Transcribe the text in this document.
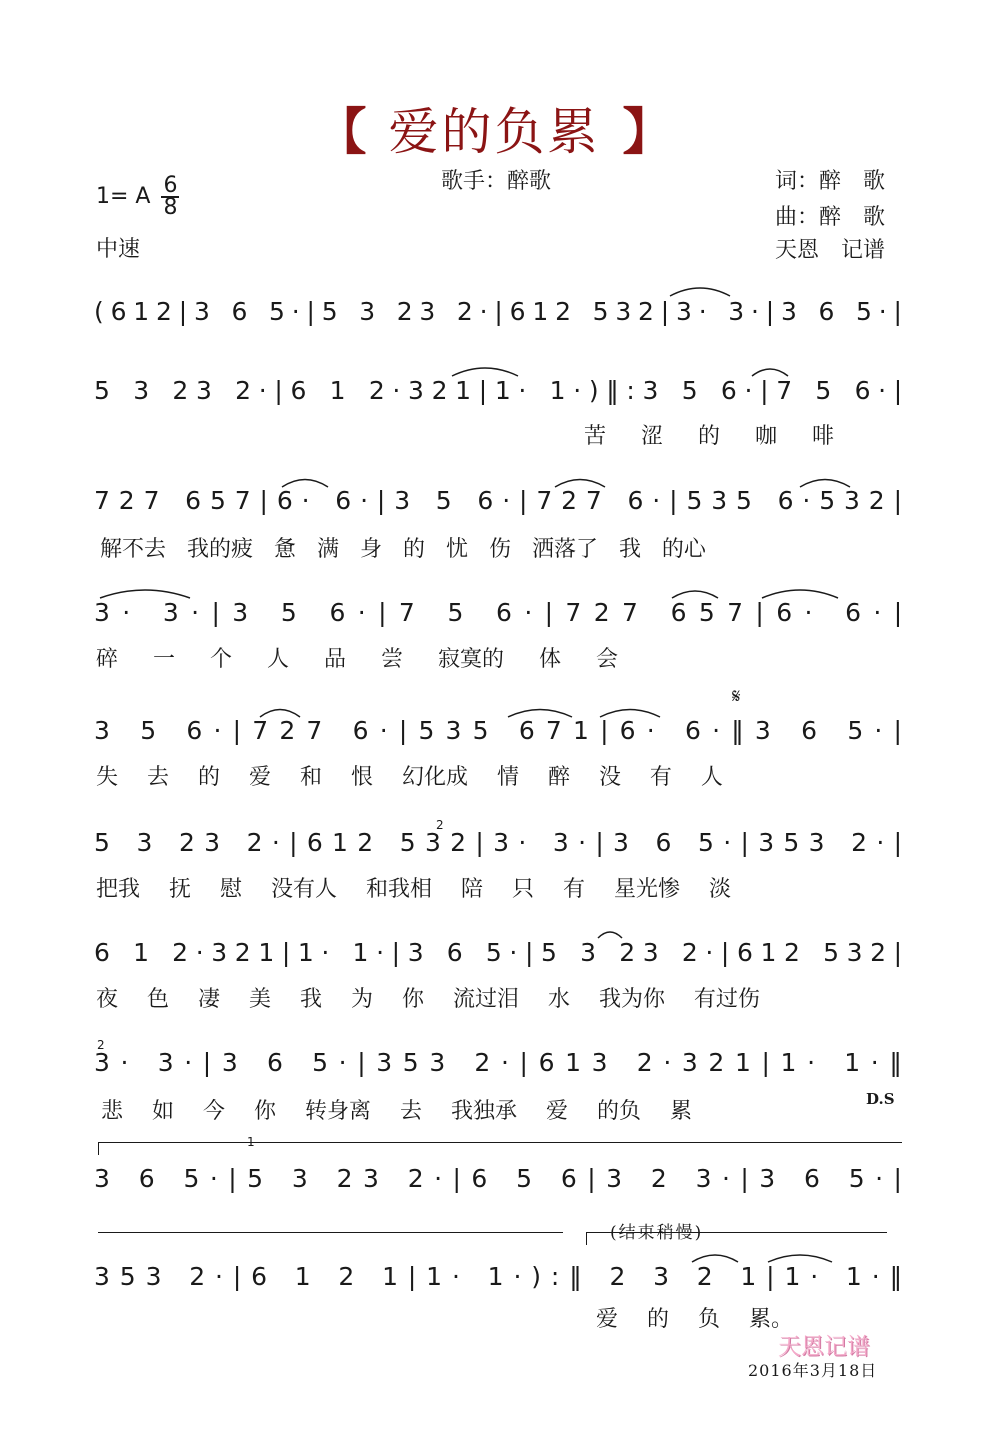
【 爱的负累 】
歌手：醉歌	词：醉　歌
曲：醉　歌
天恩　记谱
1= A $\frac{6}{8}$
中速
(612|3 6 5·|5 3 23 2·|612 532|3· 3·|3 6 5·|
5 3 23 2·|6 1 2·321|1· 1·)‖:3 5 6·|7 5 6·|
苦 涩 的 咖 啡
727 657|6· 6·|3 5 6·|727 6·|535 6·532|
解不去 我的疲 惫 满 身 的 忧 伤 洒落了 我 的心
3· 3·|3 5 6·|7 5 6·|727 657|6· 6·|
碎 一 个 人 品 尝 寂寞的 体 会
𝄋
3 5 6·|727 6·|535 671|6· 6·‖3 6 5·|
失 去 的 爱 和 恨 幻化成 情 醉 没 有 人
2
5 3 23 2·|612 532|3· 3·|3 6 5·|353 2·|
把我 抚 慰 没有人 和我相 陪 只 有 星光惨 淡
6 1 2·321|1· 1·|3 6 5·|5 3 23 2·|612 532|
夜 色 凄 美 我 为 你 流过泪 水 我为你 有过伤
2
3· 3·|3 6 5·|353 2·|613 2·321|1· 1·‖
悲 如 今 你 转身离 去 我独承 爱 的负 累	D.S
1
3 6 5·|5 3 23 2·|6 5 6|3 2 3·|3 6 5·|
(结束稍慢)
353 2·|6 1 2 1|1· 1·):‖ 2 3 2 1|1· 1·‖
爱 的 负 累。
天恩记谱
2016年3月18日
